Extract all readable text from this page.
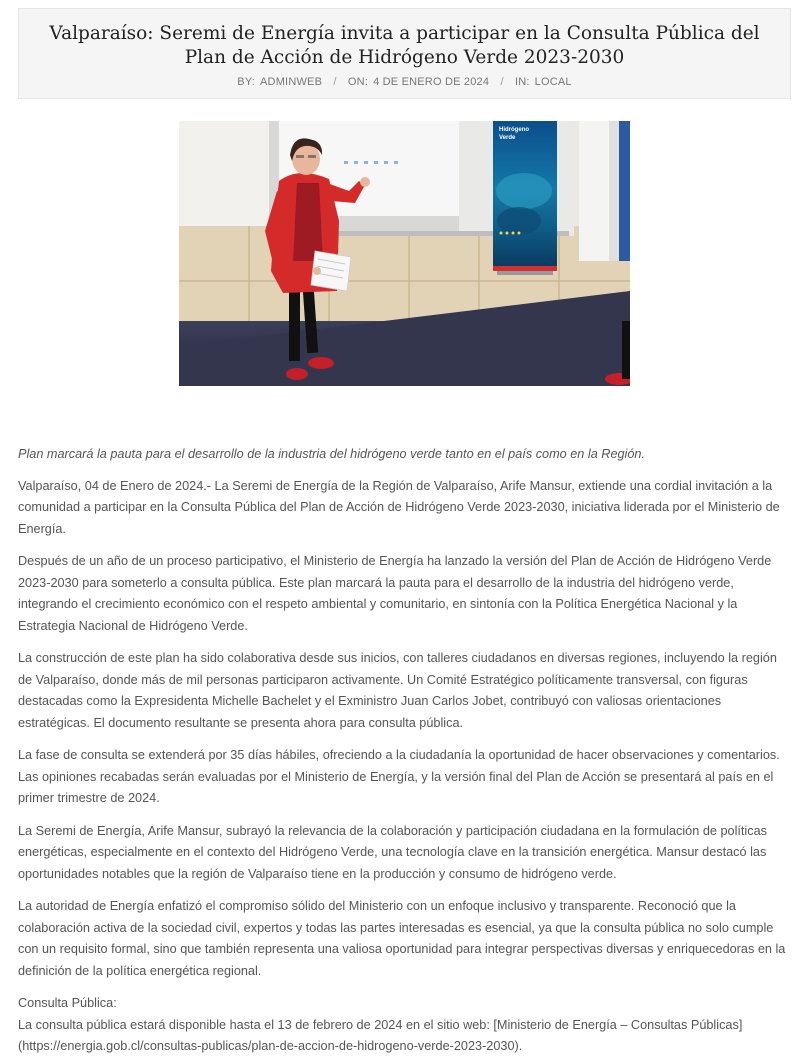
Valparaíso: Seremi de Energía invita a participar en la Consulta Pública del Plan de Acción de Hidrógeno Verde 2023-2030
BY: ADMINWEB / ON: 4 DE ENERO DE 2024 / IN: LOCAL
Hidrógeno
Verde

Plan marcará la pauta para el desarrollo de la industria del hidrógeno verde tanto en el país como en la Región.

Valparaíso, 04 de Enero de 2024.- La Seremi de Energía de la Región de Valparaíso, Arife Mansur, extiende una cordial invitación a la comunidad a participar en la Consulta Pública del Plan de Acción de Hidrógeno Verde 2023-2030, iniciativa liderada por el Ministerio de Energía.

Después de un año de un proceso participativo, el Ministerio de Energía ha lanzado la versión del Plan de Acción de Hidrógeno Verde 2023-2030 para someterlo a consulta pública. Este plan marcará la pauta para el desarrollo de la industria del hidrógeno verde, integrando el crecimiento económico con el respeto ambiental y comunitario, en sintonía con la Política Energética Nacional y la Estrategia Nacional de Hidrógeno Verde.

La construcción de este plan ha sido colaborativa desde sus inicios, con talleres ciudadanos en diversas regiones, incluyendo la región de Valparaíso, donde más de mil personas participaron activamente. Un Comité Estratégico políticamente transversal, con figuras destacadas como la Expresidenta Michelle Bachelet y el Exministro Juan Carlos Jobet, contribuyó con valiosas orientaciones estratégicas. El documento resultante se presenta ahora para consulta pública.

La fase de consulta se extenderá por 35 días hábiles, ofreciendo a la ciudadanía la oportunidad de hacer observaciones y comentarios. Las opiniones recabadas serán evaluadas por el Ministerio de Energía, y la versión final del Plan de Acción se presentará al país en el primer trimestre de 2024.

La Seremi de Energía, Arife Mansur, subrayó la relevancia de la colaboración y participación ciudadana en la formulación de políticas energéticas, especialmente en el contexto del Hidrógeno Verde, una tecnología clave en la transición energética. Mansur destacó las oportunidades notables que la región de Valparaíso tiene en la producción y consumo de hidrógeno verde.

La autoridad de Energía enfatizó el compromiso sólido del Ministerio con un enfoque inclusivo y transparente. Reconoció que la colaboración activa de la sociedad civil, expertos y todas las partes interesadas es esencial, ya que la consulta pública no solo cumple con un requisito formal, sino que también representa una valiosa oportunidad para integrar perspectivas diversas y enriquecedoras en la definición de la política energética regional.

Consulta Pública:
La consulta pública estará disponible hasta el 13 de febrero de 2024 en el sitio web: [Ministerio de Energía – Consultas Públicas](https://energia.gob.cl/consultas-publicas/plan-de-accion-de-hidrogeno-verde-2023-2030).
